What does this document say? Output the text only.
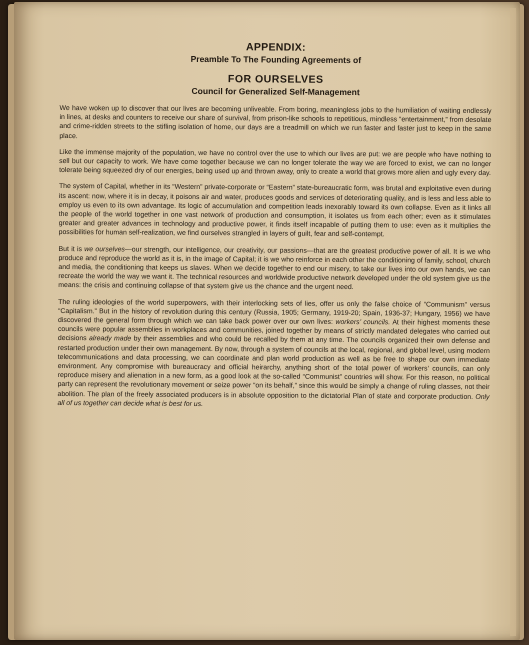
APPENDIX:

Preamble To The Founding Agreements of

FOR OURSELVES

Council for Generalized Self-Management

We have woken up to discover that our lives are becoming unliveable. From boring, meaningless jobs to the humiliation of waiting endlessly in lines, at desks and counters to receive our share of survival, from prison-like schools to repetitious, mindless “entertainment,” from desolate and crime-ridden streets to the stifling isolation of home, our days are a treadmill on which we run faster and faster just to keep in the same place.

Like the immense majority of the population, we have no control over the use to which our lives are put: we are people who have nothing to sell but our capacity to work. We have come together because we can no longer tolerate the way we are forced to exist, we can no longer tolerate being squeezed dry of our energies, being used up and thrown away, only to create a world that grows more alien and ugly every day.

The system of Capital, whether in its “Western” private-corporate or “Eastern” state-bureaucratic form, was brutal and exploitative even during its ascent: now, where it is in decay, it poisons air and water, produces goods and services of deteriorating quality, and is less and less able to employ us even to its own advantage. Its logic of accumulation and competition leads inexorably toward its own collapse. Even as it links all the people of the world together in one vast network of production and consumption, it isolates us from each other; even as it stimulates greater and greater advances in technology and productive power, it finds itself incapable of putting them to use: even as it multiplies the possibilities for human self-realization, we find ourselves strangled in layers of guilt, fear and self-contempt.

But it is we ourselves—our strength, our intelligence, our creativity, our passions—that are the greatest productive power of all. It is we who produce and reproduce the world as it is, in the image of Capital; it is we who reinforce in each other the conditioning of family, school, church and media, the conditioning that keeps us slaves. When we decide together to end our misery, to take our lives into our own hands, we can recreate the world the way we want it. The technical resources and worldwide productive network developed under the old system give us the means: the crisis and continuing collapse of that system give us the chance and the urgent need.

The ruling ideologies of the world superpowers, with their interlocking sets of lies, offer us only the false choice of “Communism” versus “Capitalism.” But in the history of revolution during this century (Russia, 1905; Germany, 1919-20; Spain, 1936-37; Hungary, 1956) we have discovered the general form through which we can take back power over our own lives: workers’ councils. At their highest moments these councils were popular assemblies in workplaces and communities, joined together by means of strictly mandated delegates who carried out decisions already made by their assemblies and who could be recalled by them at any time. The councils organized their own defense and restarted production under their own management. By now, through a system of councils at the local, regional, and global level, using modern telecommunications and data processing, we can coordinate and plan world production as well as be free to shape our own immediate environment. Any compromise with bureaucracy and official heirarchy, anything short of the total power of workers’ councils, can only reproduce misery and alienation in a new form, as a good look at the so-called “Communist” countries will show. For this reason, no political party can represent the revolutionary movement or seize power “on its behalf,” since this would be simply a change of ruling classes, not their abolition. The plan of the freely associated producers is in absolute opposition to the dictatorial Plan of state and corporate production. Only all of us together can decide what is best for us.
